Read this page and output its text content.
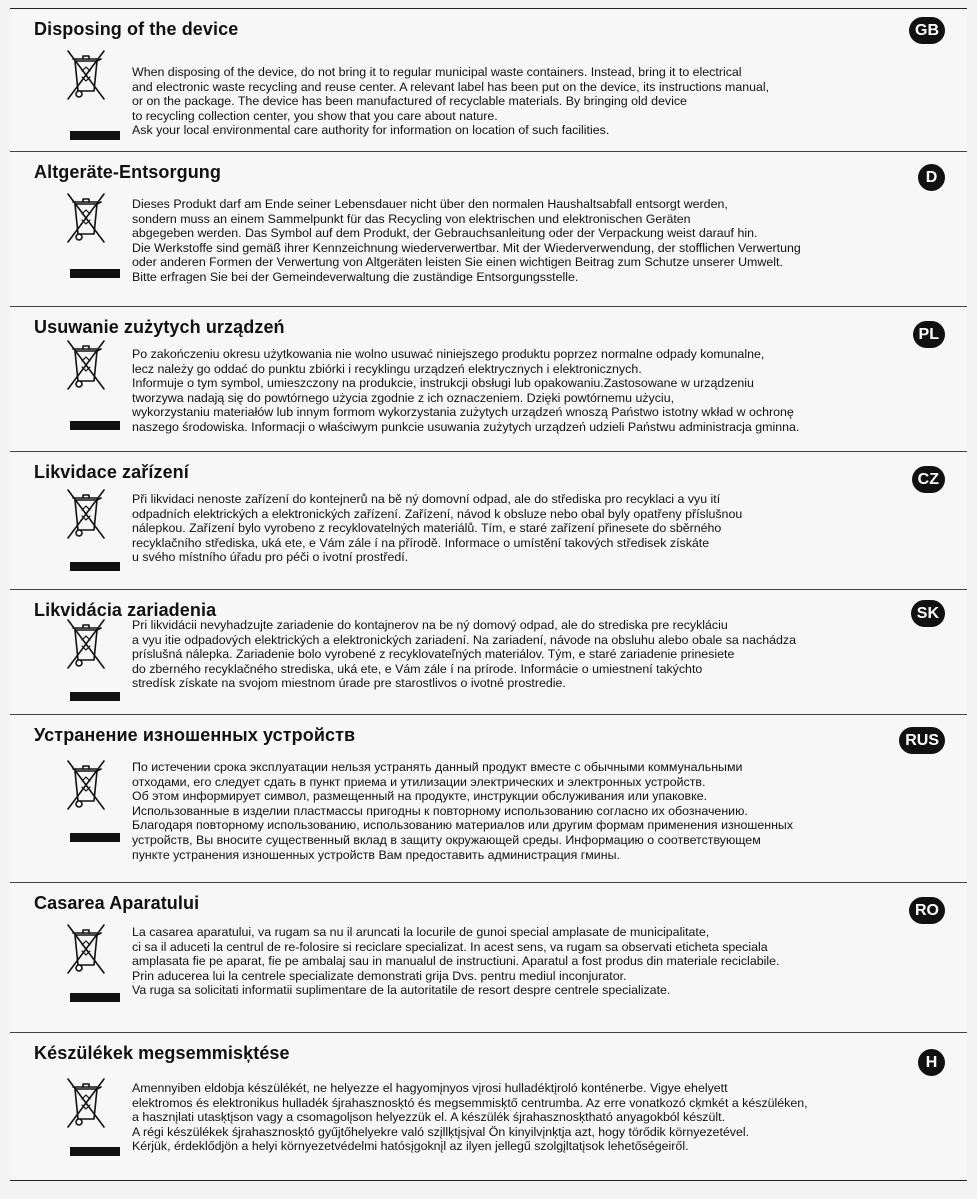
Disposing of the device	GB

When disposing of the device, do not bring it to regular municipal waste containers. Instead, bring it to electrical

and electronic waste recycling and reuse center. A relevant label has been put on the device, its instructions manual,

or on the package. The device has been manufactured of recyclable materials. By bringing old device

to recycling collection center, you show that you care about nature.

Ask your local environmental care authority for information on location of such facilities.

Altgeräte-Entsorgung	D

Dieses Produkt darf am Ende seiner Lebensdauer nicht über den normalen Haushaltsabfall entsorgt werden,

sondern muss an einem Sammelpunkt für das Recycling von elektrischen und elektronischen Geräten

abgegeben werden. Das Symbol auf dem Produkt, der Gebrauchsanleitung oder der Verpackung weist darauf hin.

Die Werkstoffe sind gemäß ihrer Kennzeichnung wiederverwertbar. Mit der Wiederverwendung, der stofflichen Verwertung

oder anderen Formen der Verwertung von Altgeräten leisten Sie einen wichtigen Beitrag zum Schutze unserer Umwelt.

Bitte erfragen Sie bei der Gemeindeverwaltung die zuständige Entsorgungsstelle.

Usuwanie zużytych urządzeń	PL

Po zakończeniu okresu użytkowania nie wolno usuwać niniejszego produktu poprzez normalne odpady komunalne,

lecz należy go oddać do punktu zbiórki i recyklingu urządzeń elektrycznych i elektronicznych.

Informuje o tym symbol, umieszczony na produkcie, instrukcji obsługi lub opakowaniu.Zastosowane w urządzeniu

tworzywa nadają się do powtórnego użycia zgodnie z ich oznaczeniem. Dzięki powtórnemu użyciu,

wykorzystaniu materiałów lub innym formom wykorzystania zużytych urządzeń wnoszą Państwo istotny wkład w ochronę

naszego środowiska. Informacji o właściwym punkcie usuwania zużytych urządzeń udzieli Państwu administracja gminna.

Likvidace zařízení	CZ

Při likvidaci nenoste zařízení do kontejnerů na bě ný domovní odpad, ale do střediska pro recyklaci a vyu ití

odpadních elektrických a elektronických zařízení. Zařízení, návod k obsluze nebo obal byly opatřeny příslušnou

nálepkou. Zařízení bylo vyrobeno z recyklovatelných materiálů. Tím, e staré zařízení přinesete do sběrného

recyklačního střediska, uká ete, e Vám zále í na přírodě. Informace o umístění takových středisek získáte

u svého místního úřadu pro péči o ivotní prostředí.

Likvidácia zariadenia	SK

Pri likvidácii nevyhadzujte zariadenie do kontajnerov na be ný domový odpad, ale do strediska pre recykláciu

a vyu itie odpadových elektrických a elektronických zariadení. Na zariadení, návode na obsluhu alebo obale sa nachádza

príslušná nálepka. Zariadenie bolo vyrobené z recyklovateľných materiálov. Tým, e staré zariadenie prinesiete

do zberného recyklačného strediska, uká ete, e Vám zále í na prírode. Informácie o umiestnení takýchto

stredísk získate na svojom miestnom úrade pre starostlivos o ivotné prostredie.

Устранение изношенных устройств	RUS

По истечении срока эксплуатации нельзя устранять данный продукт вместе с обычными коммунальными

отходами, его следует сдать в пункт приема и утилизации электрических и электронных устройств.

Об этом информирует символ, размещенный на продукте, инструкции обслуживания или упаковке.

Использованные в изделии пластмассы пригодны к повторному использованию согласно их обозначению.

Благодаря повторному использованию, использованию материалов или другим формам применения изношенных

устройств, Вы вносите существенный вклад в защиту окружающей среды. Информацию о соответствующем

пункте устранения изношенных устройств Вам предоставить администрация гмины.

Casarea Aparatului	RO

La casarea aparatului, va rugam sa nu il aruncati la locurile de gunoi special amplasate de municipalitate,

ci sa il aduceti la centrul de re-folosire si reciclare specializat. In acest sens, va rugam sa observati eticheta speciala

amplasata fie pe aparat, fie pe ambalaj sau in manualul de instructiuni. Aparatul a fost produs din materiale reciclabile.

Prin aducerea lui la centrele specializate demonstrati grija Dvs. pentru mediul inconjurator.

Va ruga sa solicitati informatii suplimentare de la autoritatile de resort despre centrele specializate.

Készülékek megsemmisķtése	H

Amennyiben eldobja készülékét, ne helyezze el hagyomįnyos vįrosi hulladéktįroló konténerbe. Vigye ehelyett

elektromos és elektronikus hulladék śjrahasznosķtó és megsemmisķtő centrumba. Az erre vonatkozó cķmkét a készüléken,

a hasznįlati utasķtįson vagy a csomagolįson helyezzük el. A készülék śjrahasznosķtható anyagokból készült.

A régi készülékek śjrahasznosķtó gyűjtőhelyekre való szįllķtįsįval Ön kinyilvįnķtja azt, hogy törődik környezetével.

Kérjük, érdeklődjön a helyi környezetvédelmi hatósįgoknįl az ilyen jellegű szolgįltatįsok lehetőségeiről.
